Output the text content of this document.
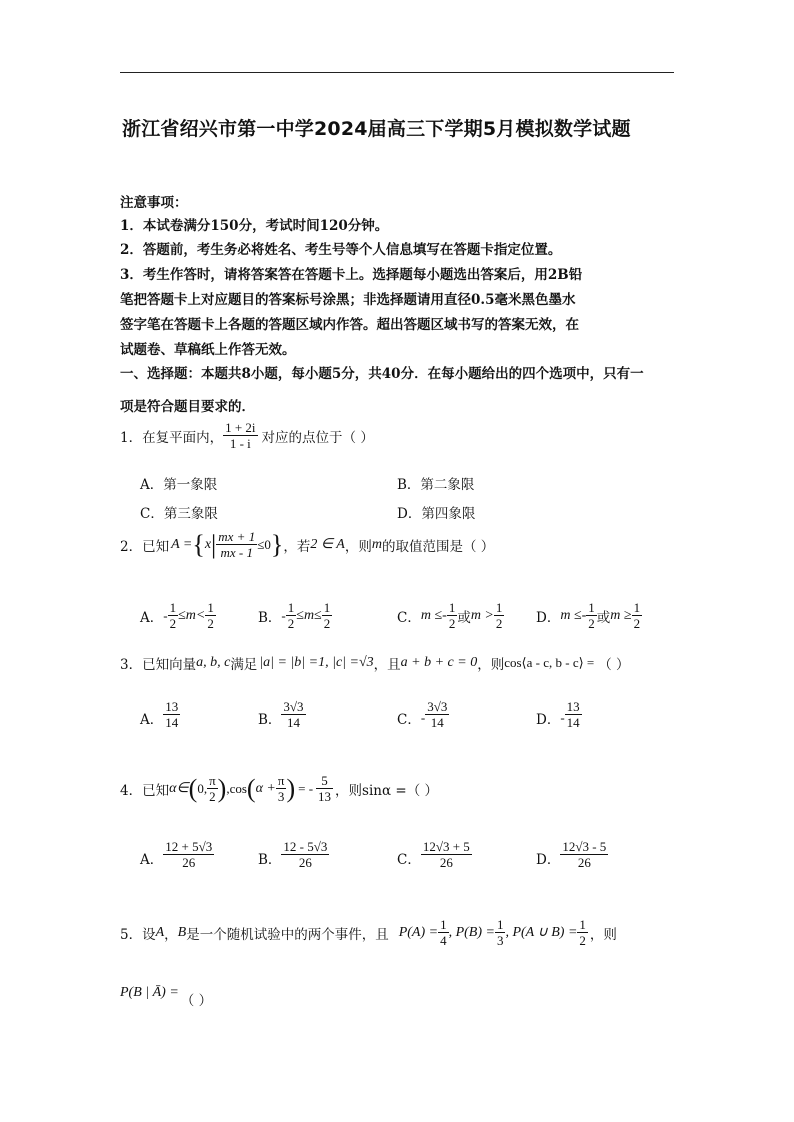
浙江省绍兴市第一中学2024届高三下学期5月模拟数学试题
注意事项：
1．本试卷满分150分，考试时间120分钟。
2．答题前，考生务必将姓名、考生号等个人信息填写在答题卡指定位置。
3．考生作答时，请将答案答在答题卡上。选择题每小题选出答案后，用2B铅
笔把答题卡上对应题目的答案标号涂黑；非选择题请用直径0.5毫米黑色墨水
签字笔在答题卡上各题的答题区域内作答。超出答题区域书写的答案无效，在
试题卷、草稿纸上作答无效。
一、选择题：本题共8小题，每小题5分，共40分．在每小题给出的四个选项中，只有一
项是符合题目要求的．
1．在复平面内， $\frac{1 + 2i}{1 - i}$ 对应的点位于（ ）
A．第一象限	B．第二象限
C．第三象限	D．第四象限
2．已知 A = { x | $\frac{mx + 1}{mx - 1} \le 0$ } ，若 2 ∈ A ，则 m 的取值范围是（ ）
A． - $\frac{1}{2} \le m< \frac{1}{2}$	B． - $\frac{1}{2} \le m\le \frac{1}{2}$	C． $m \le- \frac{1}{2}$ 或 $m > \frac{1}{2}$ D． $m \le- \frac{1}{2}$ 或 $m \ge \frac{1}{2}$
3．已知向量 a, b, c 满足 |a| = |b| =1, |c| =√3 ，且 a + b + c = 0 ，则 cos⟨a - c, b - c⟩ = （ ）
A． $\frac{13}{14}$	B． $\frac{3√3}{14}$	C． - $\frac{3√3}{14}$	D． - $\frac{13}{14}$
4．已知 α∈ ( 0, $\frac{\pi}{2}$ ) ,cos ( $\alpha + \frac{\pi}{3}$ ) = - $\frac{5}{13}$ ，则sinα =（ ）
A． $\frac{12 + 5√3}{26}$	B． $\frac{12 - 5√3}{26}$	C． $\frac{12√3 + 5}{26}$	D． $\frac{12√3 - 5}{26}$
5．设 A ， B 是一个随机试验中的两个事件，且 $P(A) = \frac{1}{4}$ , $P(B) = \frac{1}{3}$ , P(A ∪ $B) = \frac{1}{2}$ ，则
P(B | Ā) =
（ ）
